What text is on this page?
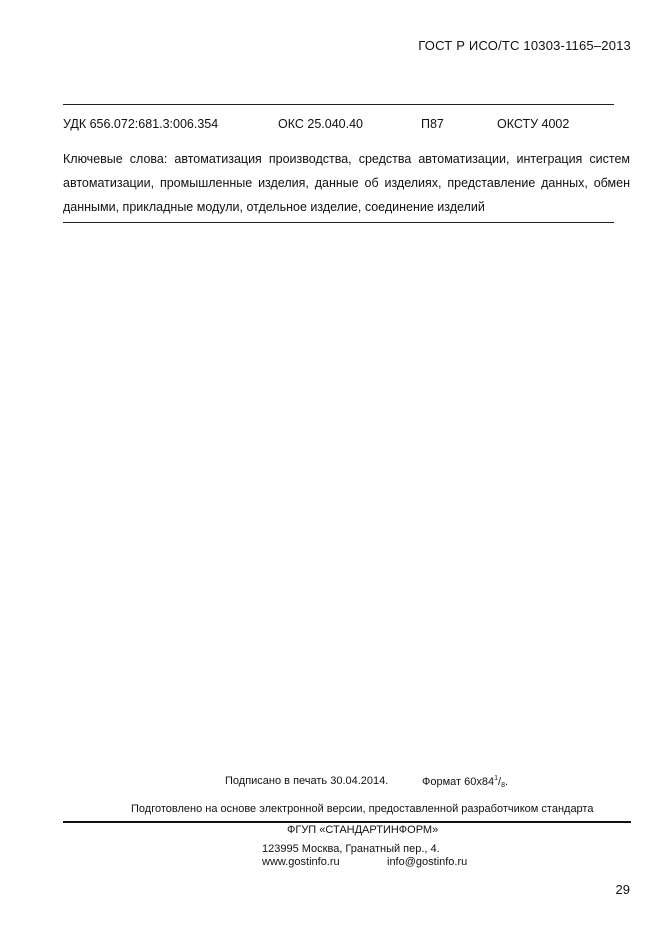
ГОСТ Р ИСО/ТС 10303-1165–2013
УДК 656.072:681.3:006.354	ОКС 25.040.40	П87	ОКСТУ 4002
Ключевые слова: автоматизация производства, средства автоматизации, интеграция систем автоматизации, промышленные изделия, данные об изделиях, представление данных, обмен данными, прикладные модули, отдельное изделие, соединение изделий
Подписано в печать 30.04.2014.	Формат $60х84^1/_8$.
Подготовлено на основе электронной версии, предоставленной разработчиком стандарта
ФГУП «СТАНДАРТИНФОРМ»
123995 Москва, Гранатный пер., 4.
www.gostinfo.ru	info@gostinfo.ru
29
